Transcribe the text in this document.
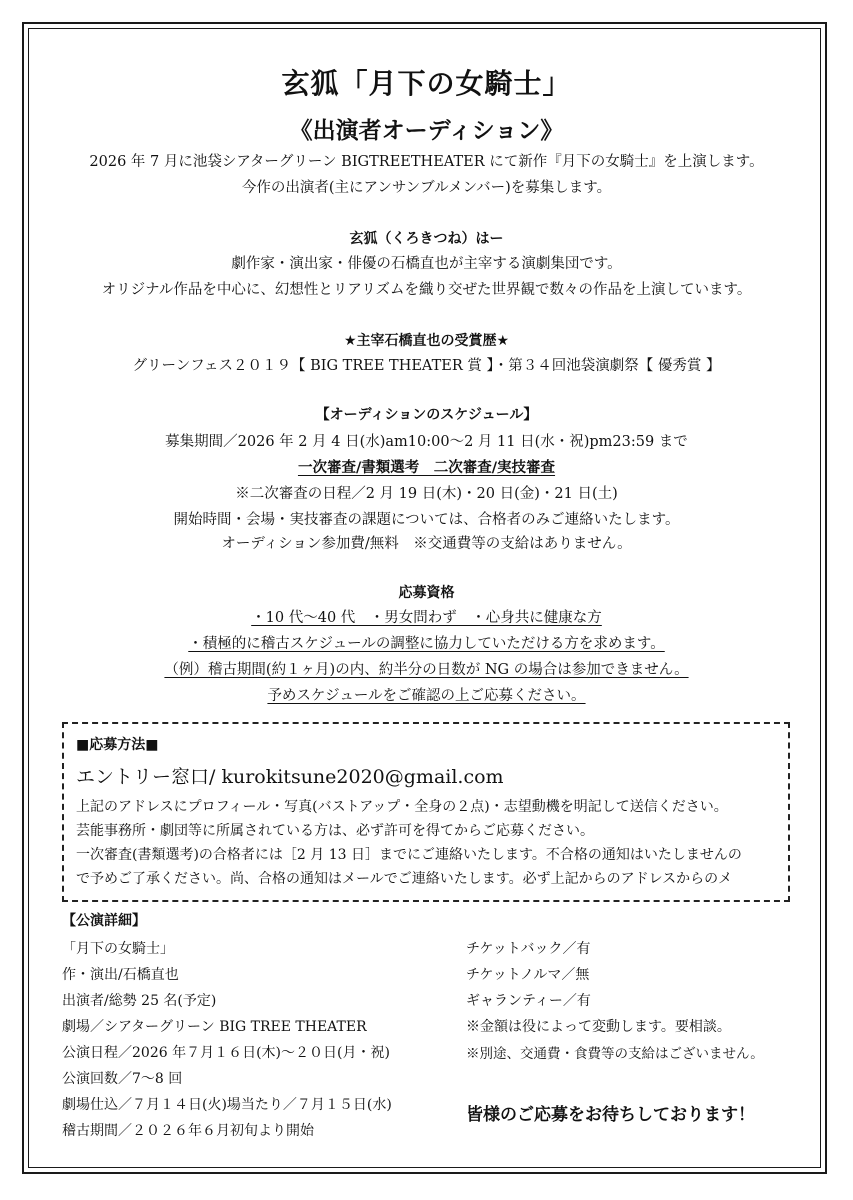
玄狐「月下の女騎士」
《出演者オーディション》
2026 年 7 月に池袋シアターグリーン BIGTREETHEATER にて新作『月下の女騎士』を上演します。
今作の出演者(主にアンサンブルメンバー)を募集します。
玄狐（くろきつね）はー
劇作家・演出家・俳優の石橋直也が主宰する演劇集団です。
オリジナル作品を中心に、幻想性とリアリズムを織り交ぜた世界観で数々の作品を上演しています。
★主宰石橋直也の受賞歴★
グリーンフェス２０１９【 BIG TREE THEATER 賞 】・第３４回池袋演劇祭【 優秀賞 】
【オーディションのスケジュール】
募集期間／2026 年 2 月 4 日(水)am10:00～2 月 11 日(水・祝)pm23:59 まで
一次審査/書類選考　二次審査/実技審査
※二次審査の日程／2 月 19 日(木)・20 日(金)・21 日(土)
開始時間・会場・実技審査の課題については、合格者のみご連絡いたします。
オーディション参加費/無料　※交通費等の支給はありません。
応募資格
・10 代～40 代　・男女問わず　・心身共に健康な方
・積極的に稽古スケジュールの調整に協力していただける方を求めます。
（例）稽古期間(約１ヶ月)の内、約半分の日数が NG の場合は参加できません。
予めスケジュールをご確認の上ご応募ください。
■応募方法■
エントリー窓口/ kurokitsune2020@gmail.com
上記のアドレスにプロフィール・写真(バストアップ・全身の２点)・志望動機を明記して送信ください。
芸能事務所・劇団等に所属されている方は、必ず許可を得てからご応募ください。
一次審査(書類選考)の合格者には［2 月 13 日］までにご連絡いたします。不合格の通知はいたしませんの
で予めご了承ください。尚、合格の通知はメールでご連絡いたします。必ず上記からのアドレスからのメ
【公演詳細】
「月下の女騎士」
作・演出/石橋直也
出演者/総勢 25 名(予定)
劇場／シアターグリーン BIG TREE THEATER
公演日程／2026 年７月１６日(木)～２０日(月・祝)
公演回数／7～8 回
劇場仕込／７月１４日(火)場当たり／７月１５日(水)
稽古期間／２０２６年６月初旬より開始
チケットバック／有
チケットノルマ／無
ギャランティー／有
※金額は役によって変動します。要相談。
※別途、交通費・食費等の支給はございません。
皆様のご応募をお待ちしております！
